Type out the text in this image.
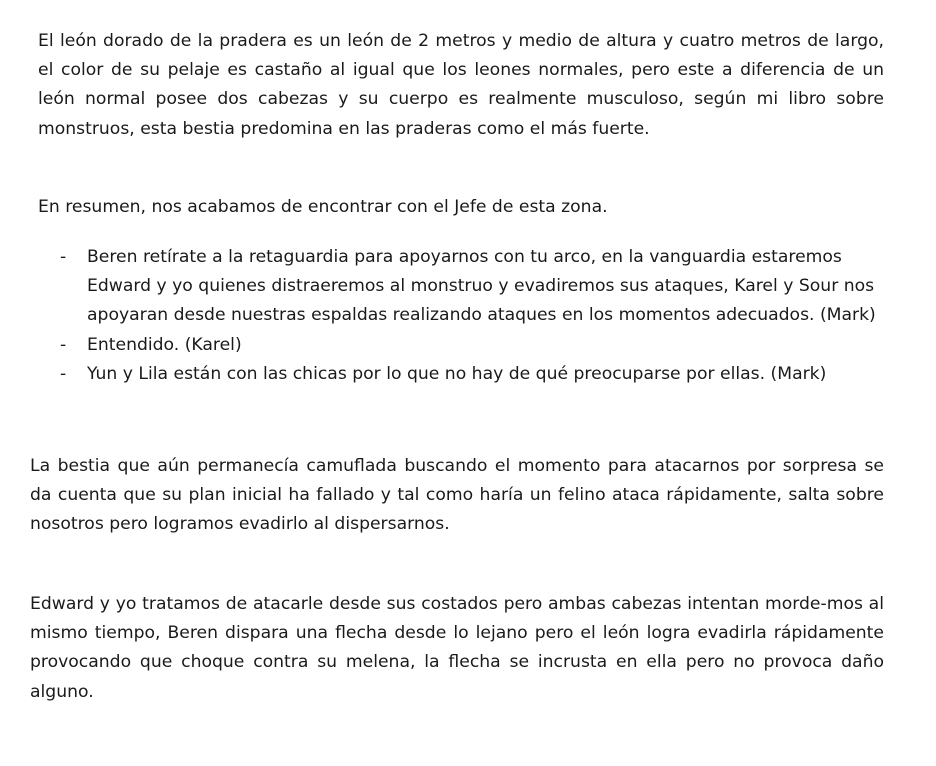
El león dorado de la pradera es un león de 2 metros y medio de altura y cuatro metros de largo, el color de su pelaje es castaño al igual que los leones normales, pero este a diferencia de un león normal posee dos cabezas y su cuerpo es realmente musculoso, según mi libro sobre monstruos, esta bestia predomina en las praderas como el más fuerte.

En resumen, nos acabamos de encontrar con el Jefe de esta zona.

- Beren retírate a la retaguardia para apoyarnos con tu arco, en la vanguardia estaremos Edward y yo quienes distraeremos al monstruo y evadiremos sus ataques, Karel y Sour nos apoyaran desde nuestras espaldas realizando ataques en los momentos adecuados. (Mark)
- Entendido. (Karel)
- Yun y Lila están con las chicas por lo que no hay de qué preocuparse por ellas. (Mark)

La bestia que aún permanecía camuflada buscando el momento para atacarnos por sorpresa se da cuenta que su plan inicial ha fallado y tal como haría un felino ataca rápidamente, salta sobre nosotros pero logramos evadirlo al dispersarnos.

Edward y yo tratamos de atacarle desde sus costados pero ambas cabezas intentan morde-mos al mismo tiempo, Beren dispara una flecha desde lo lejano pero el león logra evadirla rápidamente provocando que choque contra su melena, la flecha se incrusta en ella pero no provoca daño alguno.
